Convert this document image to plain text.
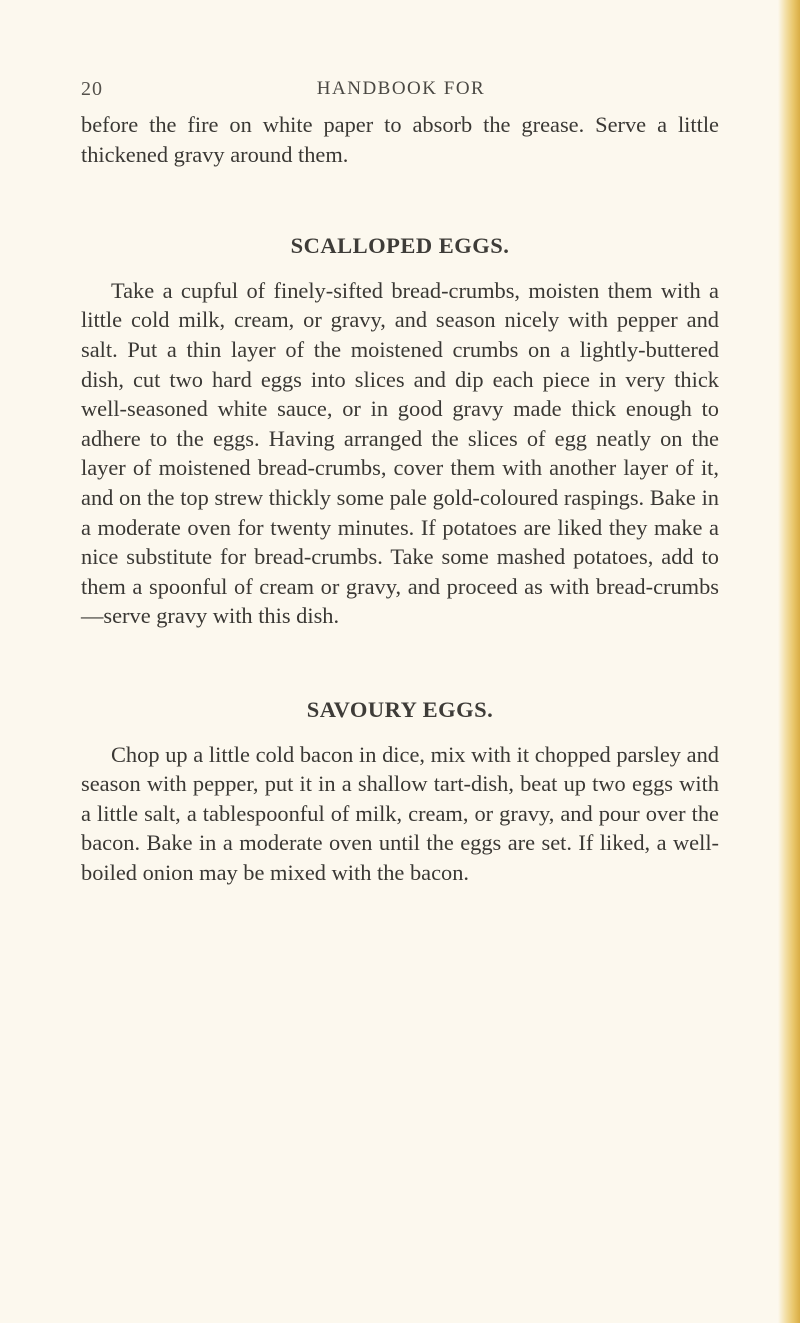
20	HANDBOOK FOR

before the fire on white paper to absorb the grease. Serve a little thickened gravy around them.

SCALLOPED EGGS.

Take a cupful of finely-sifted bread-crumbs, moisten them with a little cold milk, cream, or gravy, and season nicely with pepper and salt. Put a thin layer of the moistened crumbs on a lightly-buttered dish, cut two hard eggs into slices and dip each piece in very thick well-seasoned white sauce, or in good gravy made thick enough to adhere to the eggs. Having arranged the slices of egg neatly on the layer of moistened bread-crumbs, cover them with another layer of it, and on the top strew thickly some pale gold-coloured raspings. Bake in a moderate oven for twenty minutes. If potatoes are liked they make a nice substitute for bread-crumbs. Take some mashed potatoes, add to them a spoonful of cream or gravy, and proceed as with bread-crumbs—serve gravy with this dish.

SAVOURY EGGS.

Chop up a little cold bacon in dice, mix with it chopped parsley and season with pepper, put it in a shallow tart-dish, beat up two eggs with a little salt, a tablespoonful of milk, cream, or gravy, and pour over the bacon. Bake in a moderate oven until the eggs are set. If liked, a well-boiled onion may be mixed with the bacon.
